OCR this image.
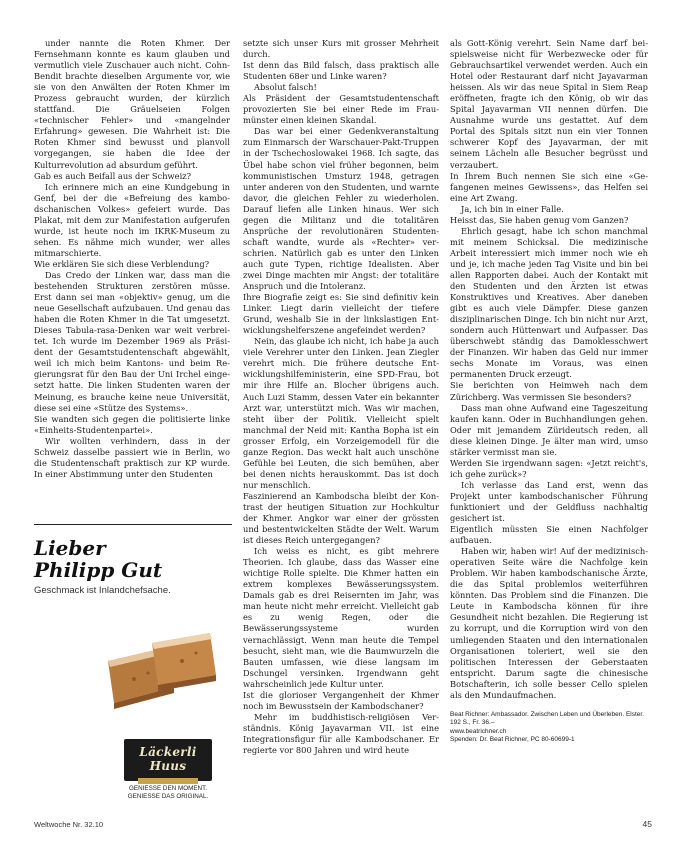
under nannte die Roten Khmer. Der Fernsehmann konnte es kaum glauben und vermutlich viele Zuschauer auch nicht. Cohn-Bendit brachte dieselben Argumente vor, wie sie von den Anwälten der Roten Khmer im Prozess gebraucht wurden, der kürzlich stattfand. Die Gräuelseien Folgen «technischer Fehler» und «mangelnder Erfahrung» gewesen. Die Wahrheit ist: Die Roten Khmer sind bewusst und planvoll vorgegangen, sie haben die Idee der Kulturrevolution ad absurdum geführt.

Gab es auch Beifall aus der Schweiz?

Ich erinnere mich an eine Kundgebung in Genf, bei der die «Befreiung des kambodschanischen Volkes» gefeiert wurde. Das Plakat, mit dem zur Manifestation aufgerufen wurde, ist heute noch im IKRK-Museum zu sehen. Es nähme mich wunder, wer alles mitmarschierte.

Wie erklären Sie sich diese Verblendung?

Das Credo der Linken war, dass man die bestehenden Strukturen zerstören müsse. Erst dann sei man «objektiv» genug, um die neue Gesellschaft aufzubauen. Und genau das haben die Roten Khmer in die Tat umgesetzt. Dieses Tabula-rasa-Denken war weit verbreitet. Ich wurde im Dezember 1969 als Präsident der Gesamtstudentenschaft abgewählt, weil ich mich beim Kantons- und beim Regierungsrat für den Bau der Uni Irchel eingesetzt hatte. Die linken Studenten waren der Meinung, es brauche keine neue Universität, diese sei eine «Stütze des Systems».

Sie wandten sich gegen die politisierte linke «Einheits-Studentenpartei».

Wir wollten verhindern, dass in der Schweiz dasselbe passiert wie in Berlin, wo die Studentenschaft praktisch zur KP wurde. In einer Abstimmung unter den Studenten

setzte sich unser Kurs mit grosser Mehrheit durch.

Ist denn das Bild falsch, dass praktisch alle Studenten 68er und Linke waren?

Absolut falsch!

Als Präsident der Gesamtstudentenschaft provozierten Sie bei einer Rede im Fraumünster einen kleinen Skandal.

Das war bei einer Gedenkveranstaltung zum Einmarsch der Warschauer-Pakt-Truppen in der Tschechoslowakei 1968. Ich sagte, das Übel habe schon viel früher begonnen, beim kommunistischen Umsturz 1948, getragen unter anderen von den Studenten, und warnte davor, die gleichen Fehler zu wiederholen. Darauf liefen alle Linken hinaus. Wer sich gegen die Militanz und die totalitären Ansprüche der revolutionären Studentenschaft wandte, wurde als «Rechter» verschrien. Natürlich gab es unter den Linken auch gute Typen, richtige Idealisten. Aber zwei Dinge machten mir Angst: der totalitäre Anspruch und die Intoleranz.

Ihre Biografie zeigt es: Sie sind definitiv kein Linker. Liegt darin vielleicht der tiefere Grund, weshalb Sie in der linkslastigen Entwicklungshelferszene angefeindet werden?

Nein, das glaube ich nicht, ich habe ja auch viele Verehrer unter den Linken. Jean Ziegler verehrt mich. Die frühere deutsche Entwicklungshilfeministerin, eine SPD-Frau, bot mir ihre Hilfe an. Blocher übrigens auch. Auch Luzi Stamm, dessen Vater ein bekannter Arzt war, unterstützt mich. Was wir machen, steht über der Politik. Vielleicht spielt manchmal der Neid mit: Kantha Bopha ist ein grosser Erfolg, ein Vorzeigemodell für die ganze Region. Das weckt halt auch unschöne Gefühle bei Leuten, die sich bemühen, aber bei denen nichts herauskommt. Das ist doch nur menschlich.

Faszinierend an Kambodscha bleibt der Kontrast der heutigen Situation zur Hochkultur der Khmer. Angkor war einer der grössten und bestentwickelten Städte der Welt. Warum ist dieses Reich untergegangen?

Ich weiss es nicht, es gibt mehrere Theorien. Ich glaube, dass das Wasser eine wichtige Rolle spielte. Die Khmer hatten ein extrem komplexes Bewässerungssystem. Damals gab es drei Reisernten im Jahr, was man heute nicht mehr erreicht. Vielleicht gab es zu wenig Regen, oder die Bewässerungssysteme wurden vernachlässigt. Wenn man heute die Tempel besucht, sieht man, wie die Baumwurzeln die Bauten umfassen, wie diese langsam im Dschungel versinken. Irgendwann geht wahrscheinlich jede Kultur unter.

Ist die glorioser Vergangenheit der Khmer noch im Bewusstsein der Kambodschaner?

Mehr im buddhistisch-religiösen Verständnis. König Jayavarman VII. ist eine Integrationsfigur für alle Kambodschaner. Er regierte vor 800 Jahren und wird heute

als Gott-König verehrt. Sein Name darf beispielsweise nicht für Werbezwecke oder für Gebrauchsartikel verwendet werden. Auch ein Hotel oder Restaurant darf nicht Jayavarman heissen. Als wir das neue Spital in Siem Reap eröffneten, fragte ich den König, ob wir das Spital Jayavarman VII nennen dürfen. Die Ausnahme wurde uns gestattet. Auf dem Portal des Spitals sitzt nun ein vier Tonnen schwerer Kopf des Jayavarman, der mit seinem Lächeln alle Besucher begrüsst und verzaubert.

In Ihrem Buch nennen Sie sich eine «Gefangenen meines Gewissens», das Helfen sei eine Art Zwang.

Ja, ich bin in einer Falle.

Heisst das, Sie haben genug vom Ganzen?

Ehrlich gesagt, habe ich schon manchmal mit meinem Schicksal. Die medizinische Arbeit interessiert mich immer noch wie eh und je, ich mache jeden Tag Visite und bin bei allen Rapporten dabei. Auch der Kontakt mit den Studenten und den Ärzten ist etwas Konstruktives und Kreatives. Aber daneben gibt es auch viele Dämpfer. Diese ganzen disziplinarischen Dinge. Ich bin nicht nur Arzt, sondern auch Hüttenwart und Aufpasser. Das überschwebt ständig das Damoklesschwert der Finanzen. Wir haben das Geld nur immer sechs Monate im Voraus, was einen permanenten Druck erzeugt.

Sie berichten von Heimweh nach dem Zürichberg. Was vermissen Sie besonders?

Dass man ohne Aufwand eine Tageszeitung kaufen kann. Oder in Buchhandlungen gehen. Oder mit jemandem Zürideutsch reden, all diese kleinen Dinge. Je älter man wird, umso stärker vermisst man sie.

Werden Sie irgendwann sagen: «Jetzt reicht's, ich gehe zurück»?

Ich verlasse das Land erst, wenn das Projekt unter kambodschanischer Führung funktioniert und der Geldfluss nachhaltig gesichert ist.

Eigentlich müssten Sie einen Nachfolger aufbauen.

Haben wir, haben wir! Auf der medizinisch-operativen Seite wäre die Nachfolge kein Problem. Wir haben kambodschanische Ärzte, die das Spital problemlos weiterführen könnten. Das Problem sind die Finanzen. Die Leute in Kambodscha können für ihre Gesundheit nicht bezahlen. Die Regierung ist zu korrupt, und die Korruption wird von den umliegenden Staaten und den internationalen Organisationen toleriert, weil sie den politischen Interessen der Geberstaaten entspricht. Darum sagte die chinesische Botschafterin, ich solle besser Cello spielen als den Mundaufmachen.

Beat Richner: Ambassador. Zwischen Leben und Überleben. Elster. 192 S., Fr. 36.–
www.beatrichner.ch
Spenden: Dr. Beat Richner, PC 80-60699-1
Lieber
Philipp Gut
Geschmack ist Inlandchefsache.
Läckerli Huus
GENIESSE DEN MOMENT.
GENIESSE DAS ORIGINAL.
Weltwoche Nr. 32.10	45
